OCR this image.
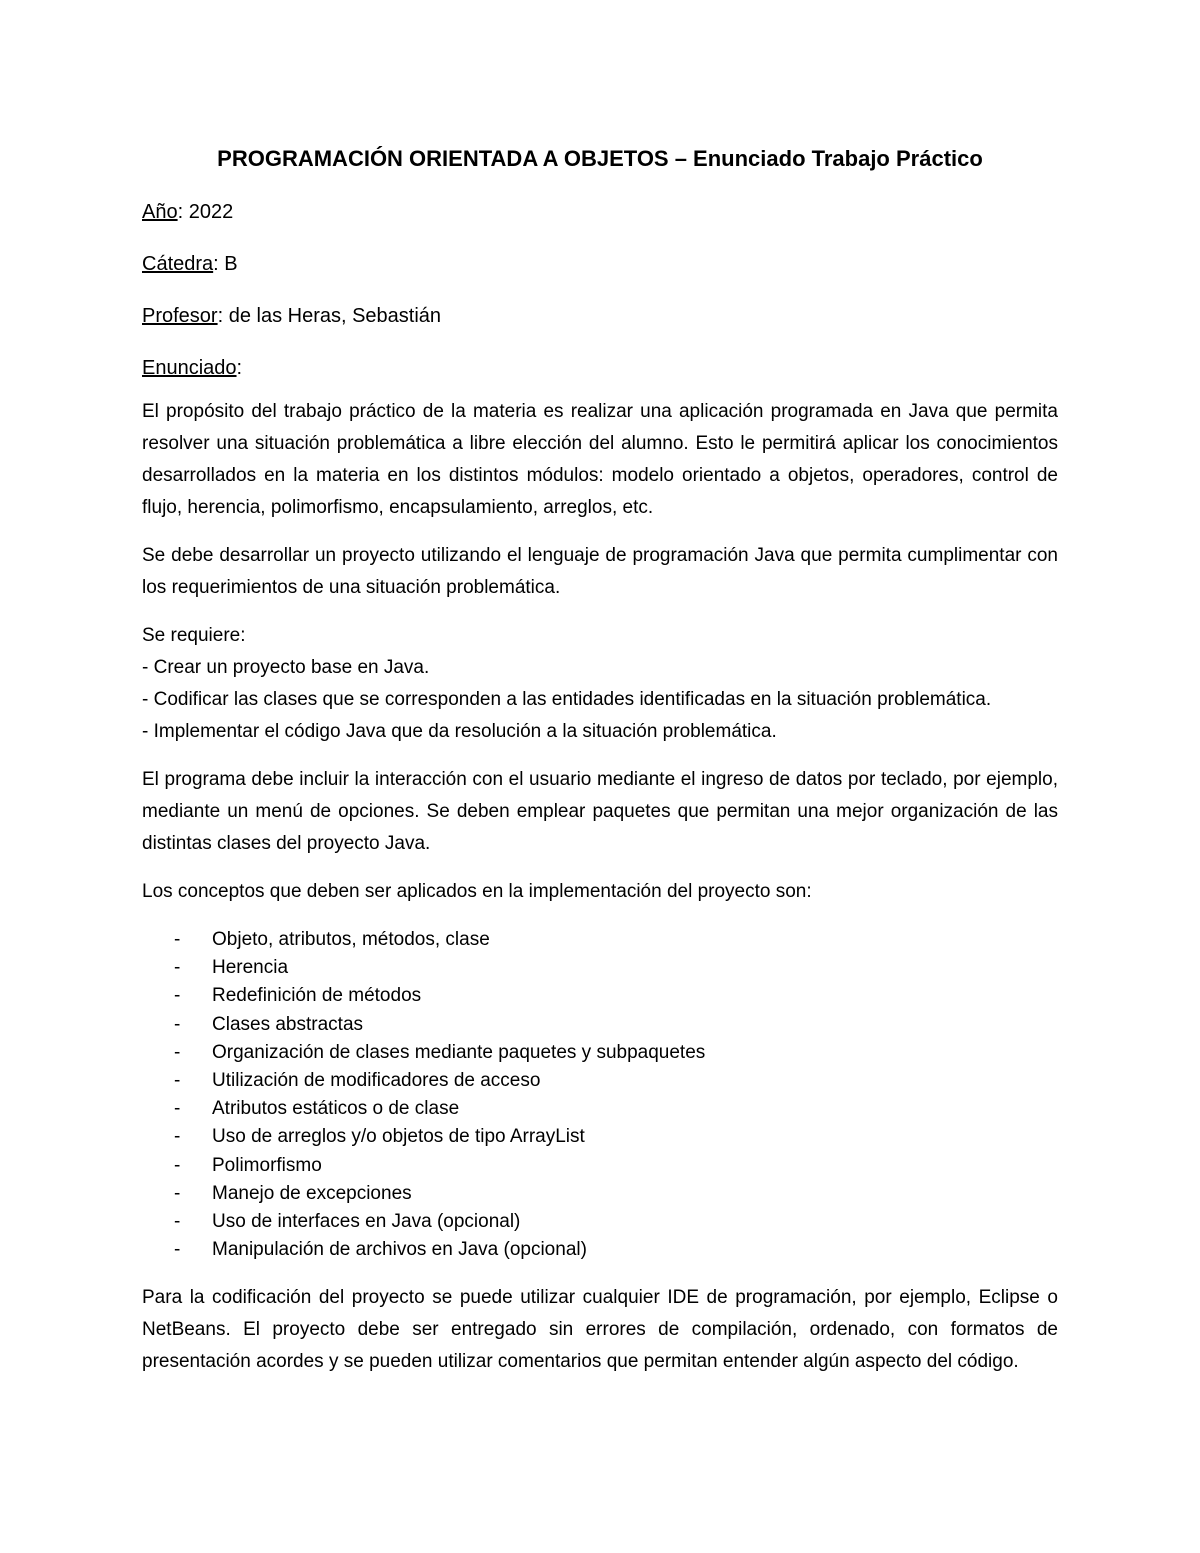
PROGRAMACIÓN ORIENTADA A OBJETOS – Enunciado Trabajo Práctico
Año: 2022
Cátedra: B
Profesor: de las Heras, Sebastián
Enunciado:

El propósito del trabajo práctico de la materia es realizar una aplicación programada en Java que permita resolver una situación problemática a libre elección del alumno. Esto le permitirá aplicar los conocimientos desarrollados en la materia en los distintos módulos: modelo orientado a objetos, operadores, control de flujo, herencia, polimorfismo, encapsulamiento, arreglos, etc.

Se debe desarrollar un proyecto utilizando el lenguaje de programación Java que permita cumplimentar con los requerimientos de una situación problemática.

Se requiere:
- Crear un proyecto base en Java.
- Codificar las clases que se corresponden a las entidades identificadas en la situación problemática.
- Implementar el código Java que da resolución a la situación problemática.

El programa debe incluir la interacción con el usuario mediante el ingreso de datos por teclado, por ejemplo, mediante un menú de opciones. Se deben emplear paquetes que permitan una mejor organización de las distintas clases del proyecto Java.

Los conceptos que deben ser aplicados en la implementación del proyecto son:

- Objeto, atributos, métodos, clase
- Herencia
- Redefinición de métodos
- Clases abstractas
- Organización de clases mediante paquetes y subpaquetes
- Utilización de modificadores de acceso
- Atributos estáticos o de clase
- Uso de arreglos y/o objetos de tipo ArrayList
- Polimorfismo
- Manejo de excepciones
- Uso de interfaces en Java (opcional)
- Manipulación de archivos en Java (opcional)

Para la codificación del proyecto se puede utilizar cualquier IDE de programación, por ejemplo, Eclipse o NetBeans. El proyecto debe ser entregado sin errores de compilación, ordenado, con formatos de presentación acordes y se pueden utilizar comentarios que permitan entender algún aspecto del código.
